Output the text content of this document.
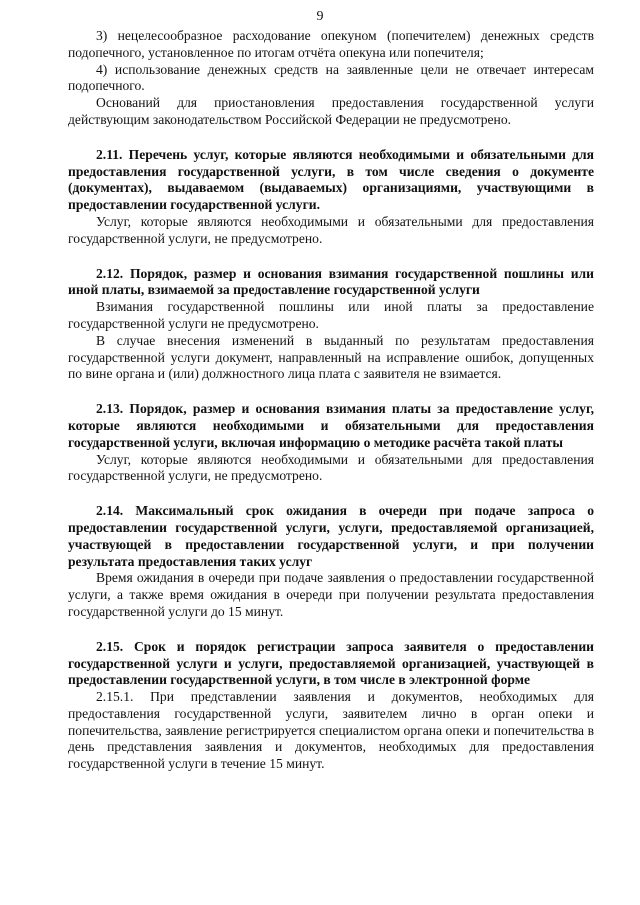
9

3) нецелесообразное расходование опекуном (попечителем) денежных средств подопечного, установленное по итогам отчёта опекуна или попечителя;

4) использование денежных средств на заявленные цели не отвечает интересам подопечного.

Оснований для приостановления предоставления государственной услуги действующим законодательством Российской Федерации не предусмотрено.

2.11. Перечень услуг, которые являются необходимыми и обязательными для предоставления государственной услуги, в том числе сведения о документе (документах), выдаваемом (выдаваемых) организациями, участвующими в предоставлении государственной услуги.

Услуг, которые являются необходимыми и обязательными для предоставления государственной услуги, не предусмотрено.

2.12. Порядок, размер и основания взимания государственной пошлины или иной платы, взимаемой за предоставление государственной услуги

Взимания государственной пошлины или иной платы за предоставление государственной услуги не предусмотрено.

В случае внесения изменений в выданный по результатам предоставления государственной услуги документ, направленный на исправление ошибок, допущенных по вине органа и (или) должностного лица плата с заявителя не взимается.

2.13. Порядок, размер и основания взимания платы за предоставление услуг, которые являются необходимыми и обязательными для предоставления государственной услуги, включая информацию о методике расчёта такой платы

Услуг, которые являются необходимыми и обязательными для предоставления государственной услуги, не предусмотрено.

2.14. Максимальный срок ожидания в очереди при подаче запроса о предоставлении государственной услуги, услуги, предоставляемой организацией, участвующей в предоставлении государственной услуги, и при получении результата предоставления таких услуг

Время ожидания в очереди при подаче заявления о предоставлении государственной услуги, а также время ожидания в очереди при получении результата предоставления государственной услуги до 15 минут.

2.15. Срок и порядок регистрации запроса заявителя о предоставлении государственной услуги и услуги, предоставляемой организацией, участвующей в предоставлении государственной услуги, в том числе в электронной форме

2.15.1. При представлении заявления и документов, необходимых для предоставления государственной услуги, заявителем лично в орган опеки и попечительства, заявление регистрируется специалистом органа опеки и попечительства в день представления заявления и документов, необходимых для предоставления государственной услуги в течение 15 минут.
